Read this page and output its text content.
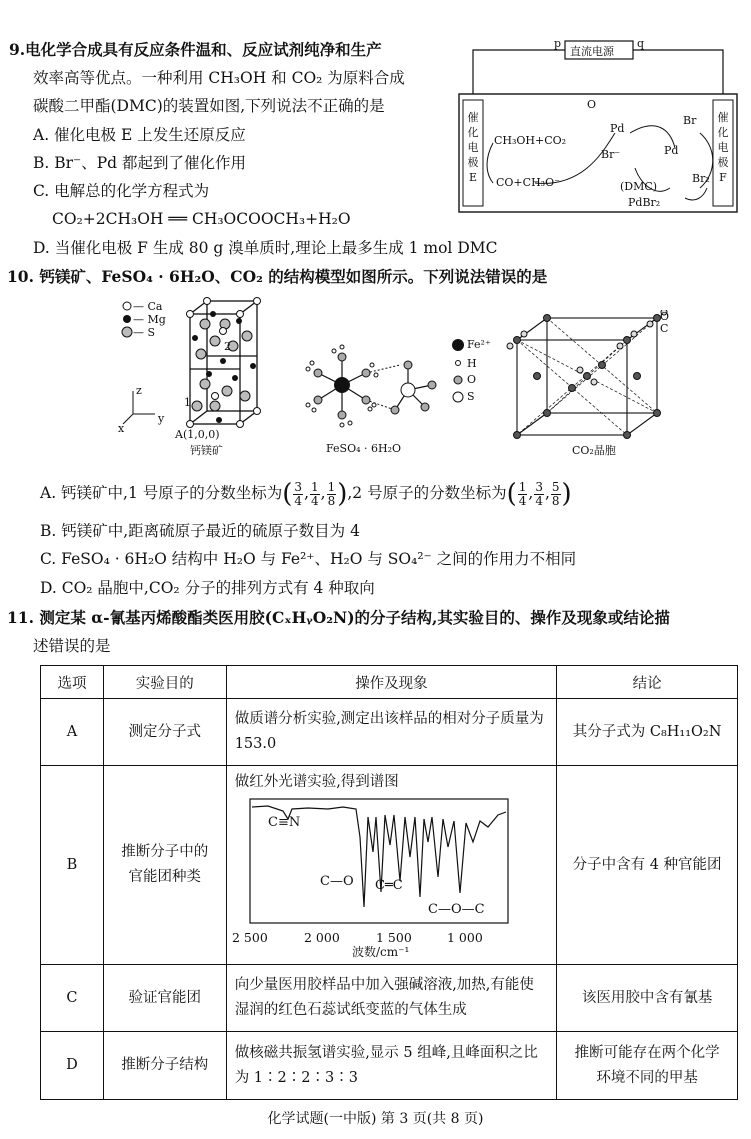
9.电化学合成具有反应条件温和、反应试剂纯净和生产
效率高等优点。一种利用 CH₃OH 和 CO₂ 为原料合成
碳酸二甲酯(DMC)的装置如图,下列说法不正确的是
A. 催化电极 E 上发生还原反应
B. Br⁻、Pd 都起到了催化作用
C. 电解总的化学方程式为
CO₂+2CH₃OH ══ CH₃OCOOCH₃+H₂O
D. 当催化电极 F 生成 80 g 溴单质时,理论上最多生成 1 mol DMC
p	q
直流电源
催
化
电
极
E
催
化
电
极
F
CH₃OH+CO₂
CO+CH₃O⁻
O
Pd
Br⁻	Pd
Br
Br₂
(DMC)
PdBr₂
10. 钙镁矿、FeSO₄ · 6H₂O、CO₂ 的结构模型如图所示。下列说法错误的是
— Ca
— Mg
— S
2
1
z
y
x	A(1,0,0)
钙镁矿
Fe²⁺
H
O
S
FeSO₄ · 6H₂O
O
C
CO₂晶胞
A. 钙镁矿中,1 号原子的分数坐标为( $\frac{3}{4}$ , $\frac{1}{4}$ , $\frac{1}{8} ),2$ 号原子的分数坐标为( $\frac{1}{4}$ , $\frac{3}{4}$ , $\frac{5}{8}$ )
B. 钙镁矿中,距离硫原子最近的硫原子数目为 4
C. FeSO₄ · 6H₂O 结构中 H₂O 与 Fe²⁺、H₂O 与 SO₄²⁻ 之间的作用力不相同
D. CO₂ 晶胞中,CO₂ 分子的排列方式有 4 种取向
11. 测定某 α-氰基丙烯酸酯类医用胶(CₓHᵧO₂N)的分子结构,其实验目的、操作及现象或结论描
述错误的是
选项	实验目的	操作及现象	结论
A	测定分子式	做质谱分析实验,测定出该样品的相对分子质量为 153.0	其分子式为 C₈H₁₁O₂N
B	推断分子中的官能团种类	做红外光谱实验,得到谱图	分子中含有 4 种官能团
C	验证官能团	向少量医用胶样品中加入强碱溶液,加热,有能使湿润的红色石蕊试纸变蓝的气体生成	该医用胶中含有氰基
D	推断分子结构	做核磁共振氢谱实验,显示 5 组峰,且峰面积之比为 1∶2∶2∶3∶3	推断可能存在两个化学环境不同的甲基
C≡N
C—O C═C
C—O—C
2 500	2 000	1 500	1 000
波数/cm⁻¹
化学试题(一中版) 第 3 页(共 8 页)
